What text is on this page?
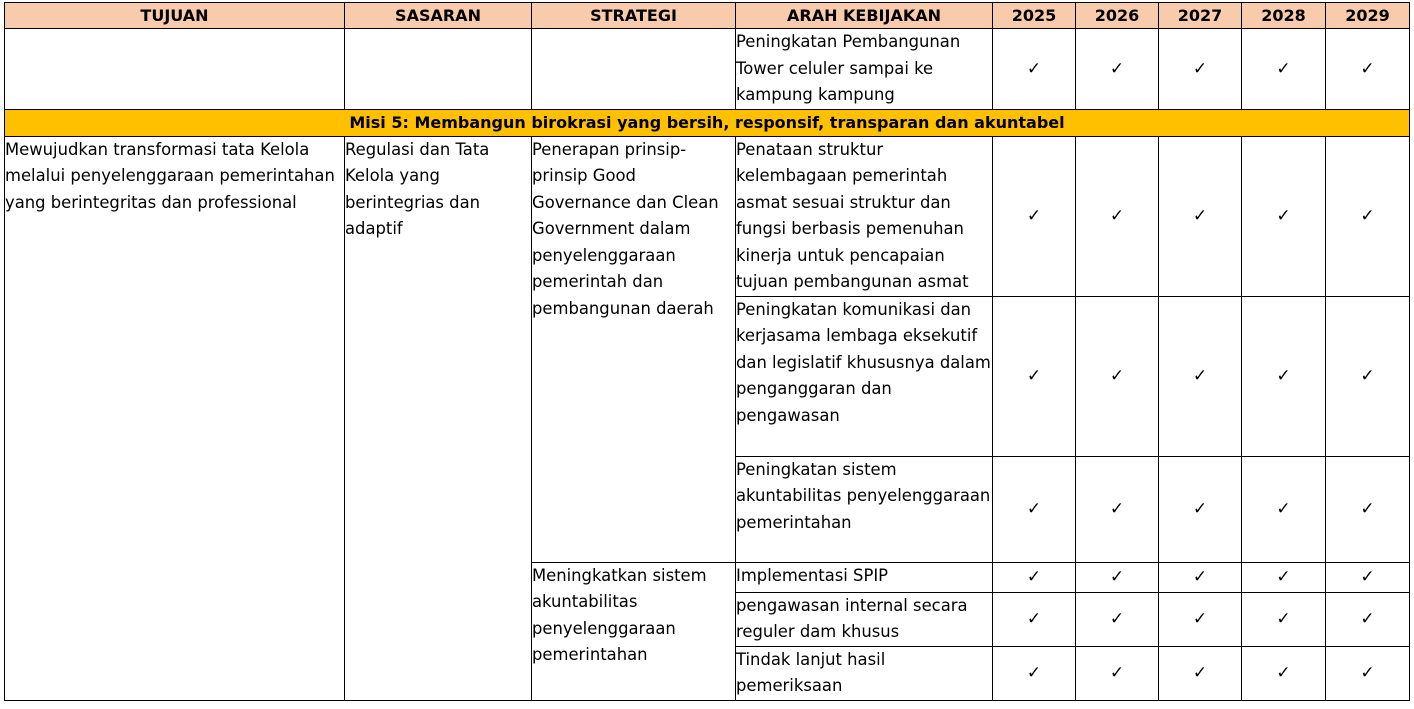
TUJUAN	SASARAN	STRATEGI	ARAH KEBIJAKAN	2025	2026	2027	2028	2029
			Peningkatan Pembangunan Tower celuler sampai ke kampung kampung	✓	✓	✓	✓	✓
Misi 5: Membangun birokrasi yang bersih, responsif, transparan dan akuntabel								
Mewujudkan transformasi tata Kelola melalui penyelenggaraan pemerintahan yang berintegritas dan professional	Regulasi dan Tata Kelola yang berintegrias dan adaptif	Penerapan prinsip-prinsip Good Governance dan Clean Government dalam penyelenggaraan pemerintah dan pembangunan daerah	Penataan struktur kelembagaan pemerintah asmat sesuai struktur dan fungsi berbasis pemenuhan kinerja untuk pencapaian tujuan pembangunan asmat	✓	✓	✓	✓	✓
			Peningkatan komunikasi dan kerjasama lembaga eksekutif dan legislatif khususnya dalam penganggaran dan pengawasan	✓	✓	✓	✓	✓
			Peningkatan sistem akuntabilitas penyelenggaraan pemerintahan	✓	✓	✓	✓	✓
		Meningkatkan sistem akuntabilitas penyelenggaraan pemerintahan	Implementasi SPIP	✓	✓	✓	✓	✓
			pengawasan internal secara reguler dam khusus	✓	✓	✓	✓	✓
			Tindak lanjut hasil pemeriksaan	✓	✓	✓	✓	✓
